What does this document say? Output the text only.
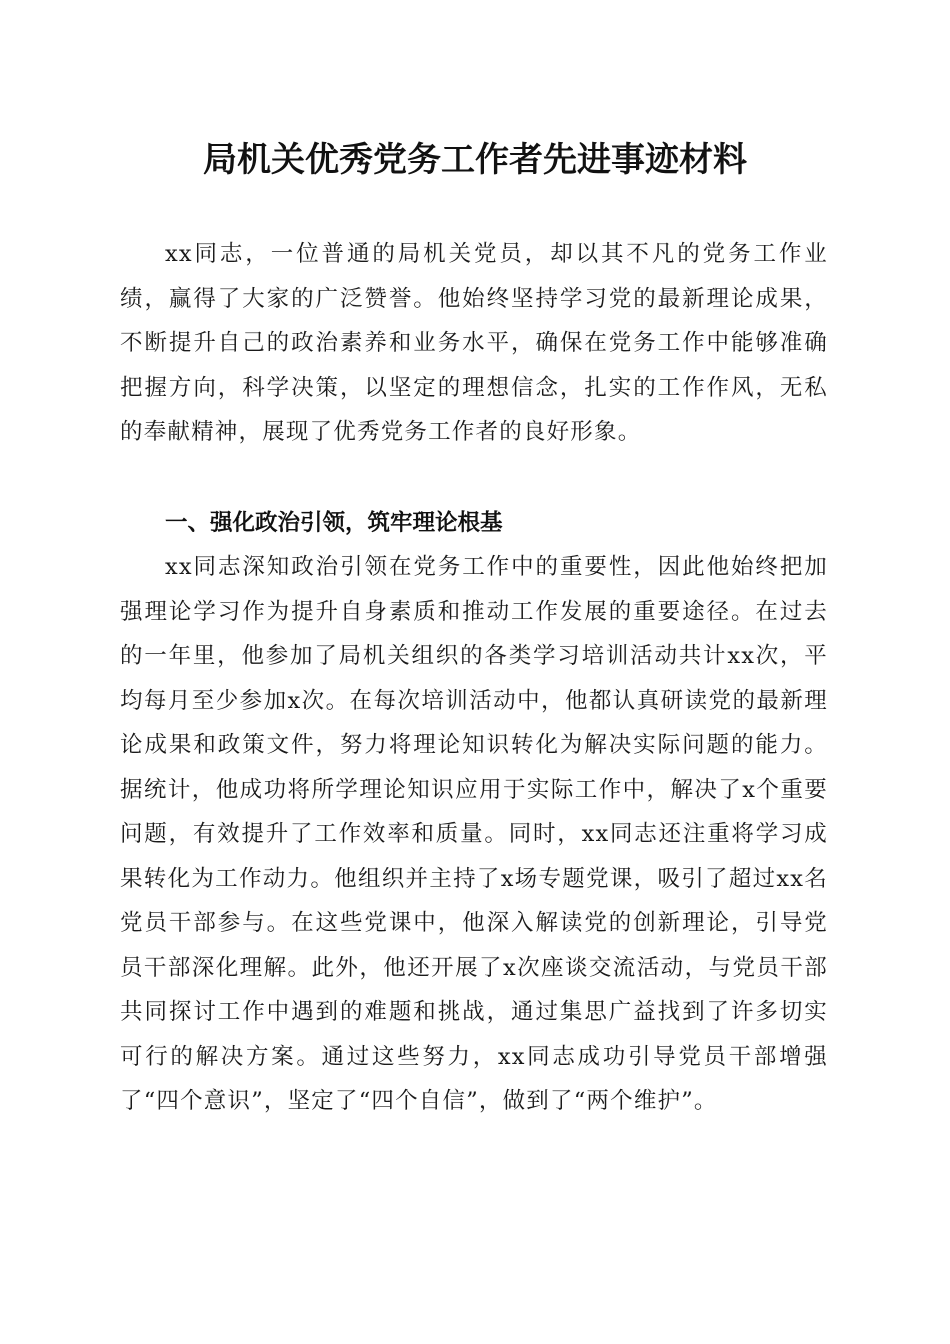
局机关优秀党务工作者先进事迹材料

xx同志，一位普通的局机关党员，却以其不凡的党务工作业绩，赢得了大家的广泛赞誉。他始终坚持学习党的最新理论成果，不断提升自己的政治素养和业务水平，确保在党务工作中能够准确把握方向，科学决策，以坚定的理想信念，扎实的工作作风，无私的奉献精神，展现了优秀党务工作者的良好形象。

一、强化政治引领，筑牢理论根基

xx同志深知政治引领在党务工作中的重要性，因此他始终把加强理论学习作为提升自身素质和推动工作发展的重要途径。在过去的一年里，他参加了局机关组织的各类学习培训活动共计xx次，平均每月至少参加x次。在每次培训活动中，他都认真研读党的最新理论成果和政策文件，努力将理论知识转化为解决实际问题的能力。据统计，他成功将所学理论知识应用于实际工作中，解决了x个重要问题，有效提升了工作效率和质量。同时，xx同志还注重将学习成果转化为工作动力。他组织并主持了x场专题党课，吸引了超过xx名党员干部参与。在这些党课中，他深入解读党的创新理论，引导党员干部深化理解。此外，他还开展了x次座谈交流活动，与党员干部共同探讨工作中遇到的难题和挑战，通过集思广益找到了许多切实可行的解决方案。通过这些努力，xx同志成功引导党员干部增强了“四个意识”，坚定了“四个自信”，做到了“两个维护”。
